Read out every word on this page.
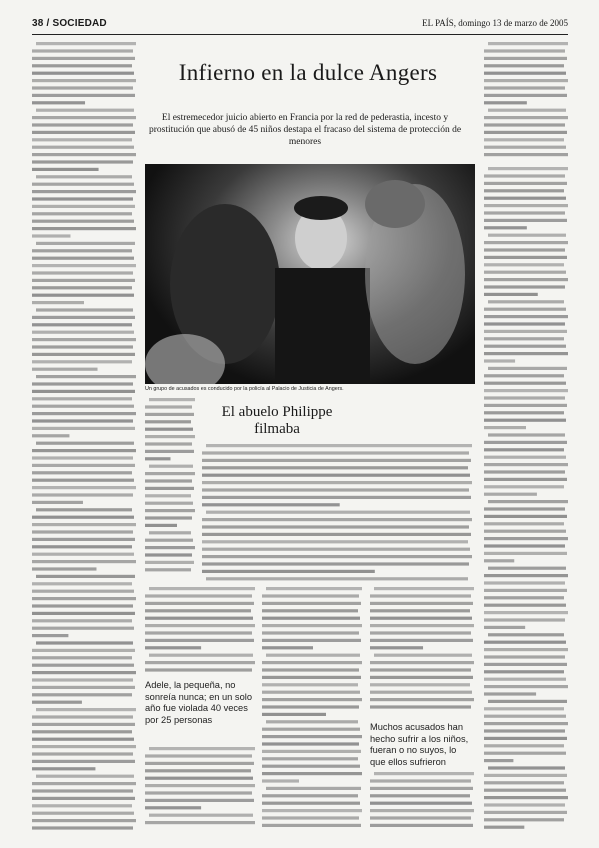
38 / SOCIEDAD	EL PAÍS, domingo 13 de marzo de 2005
Infierno en la dulce Angers
El estremecedor juicio abierto en Francia por la red de pederastia, incesto y prostitución que abusó de 45 niños destapa el fracaso del sistema de protección de menores
Un grupo de acusados es conducido por la policía al Palacio de Justicia de Angers.
El abuelo Philippe filmaba
Adele, la pequeña, no sonreía nunca; en un solo año fue violada 40 veces por 25 personas
Muchos acusados han hecho sufrir a los niños, fueran o no suyos, lo que ellos sufrieron
